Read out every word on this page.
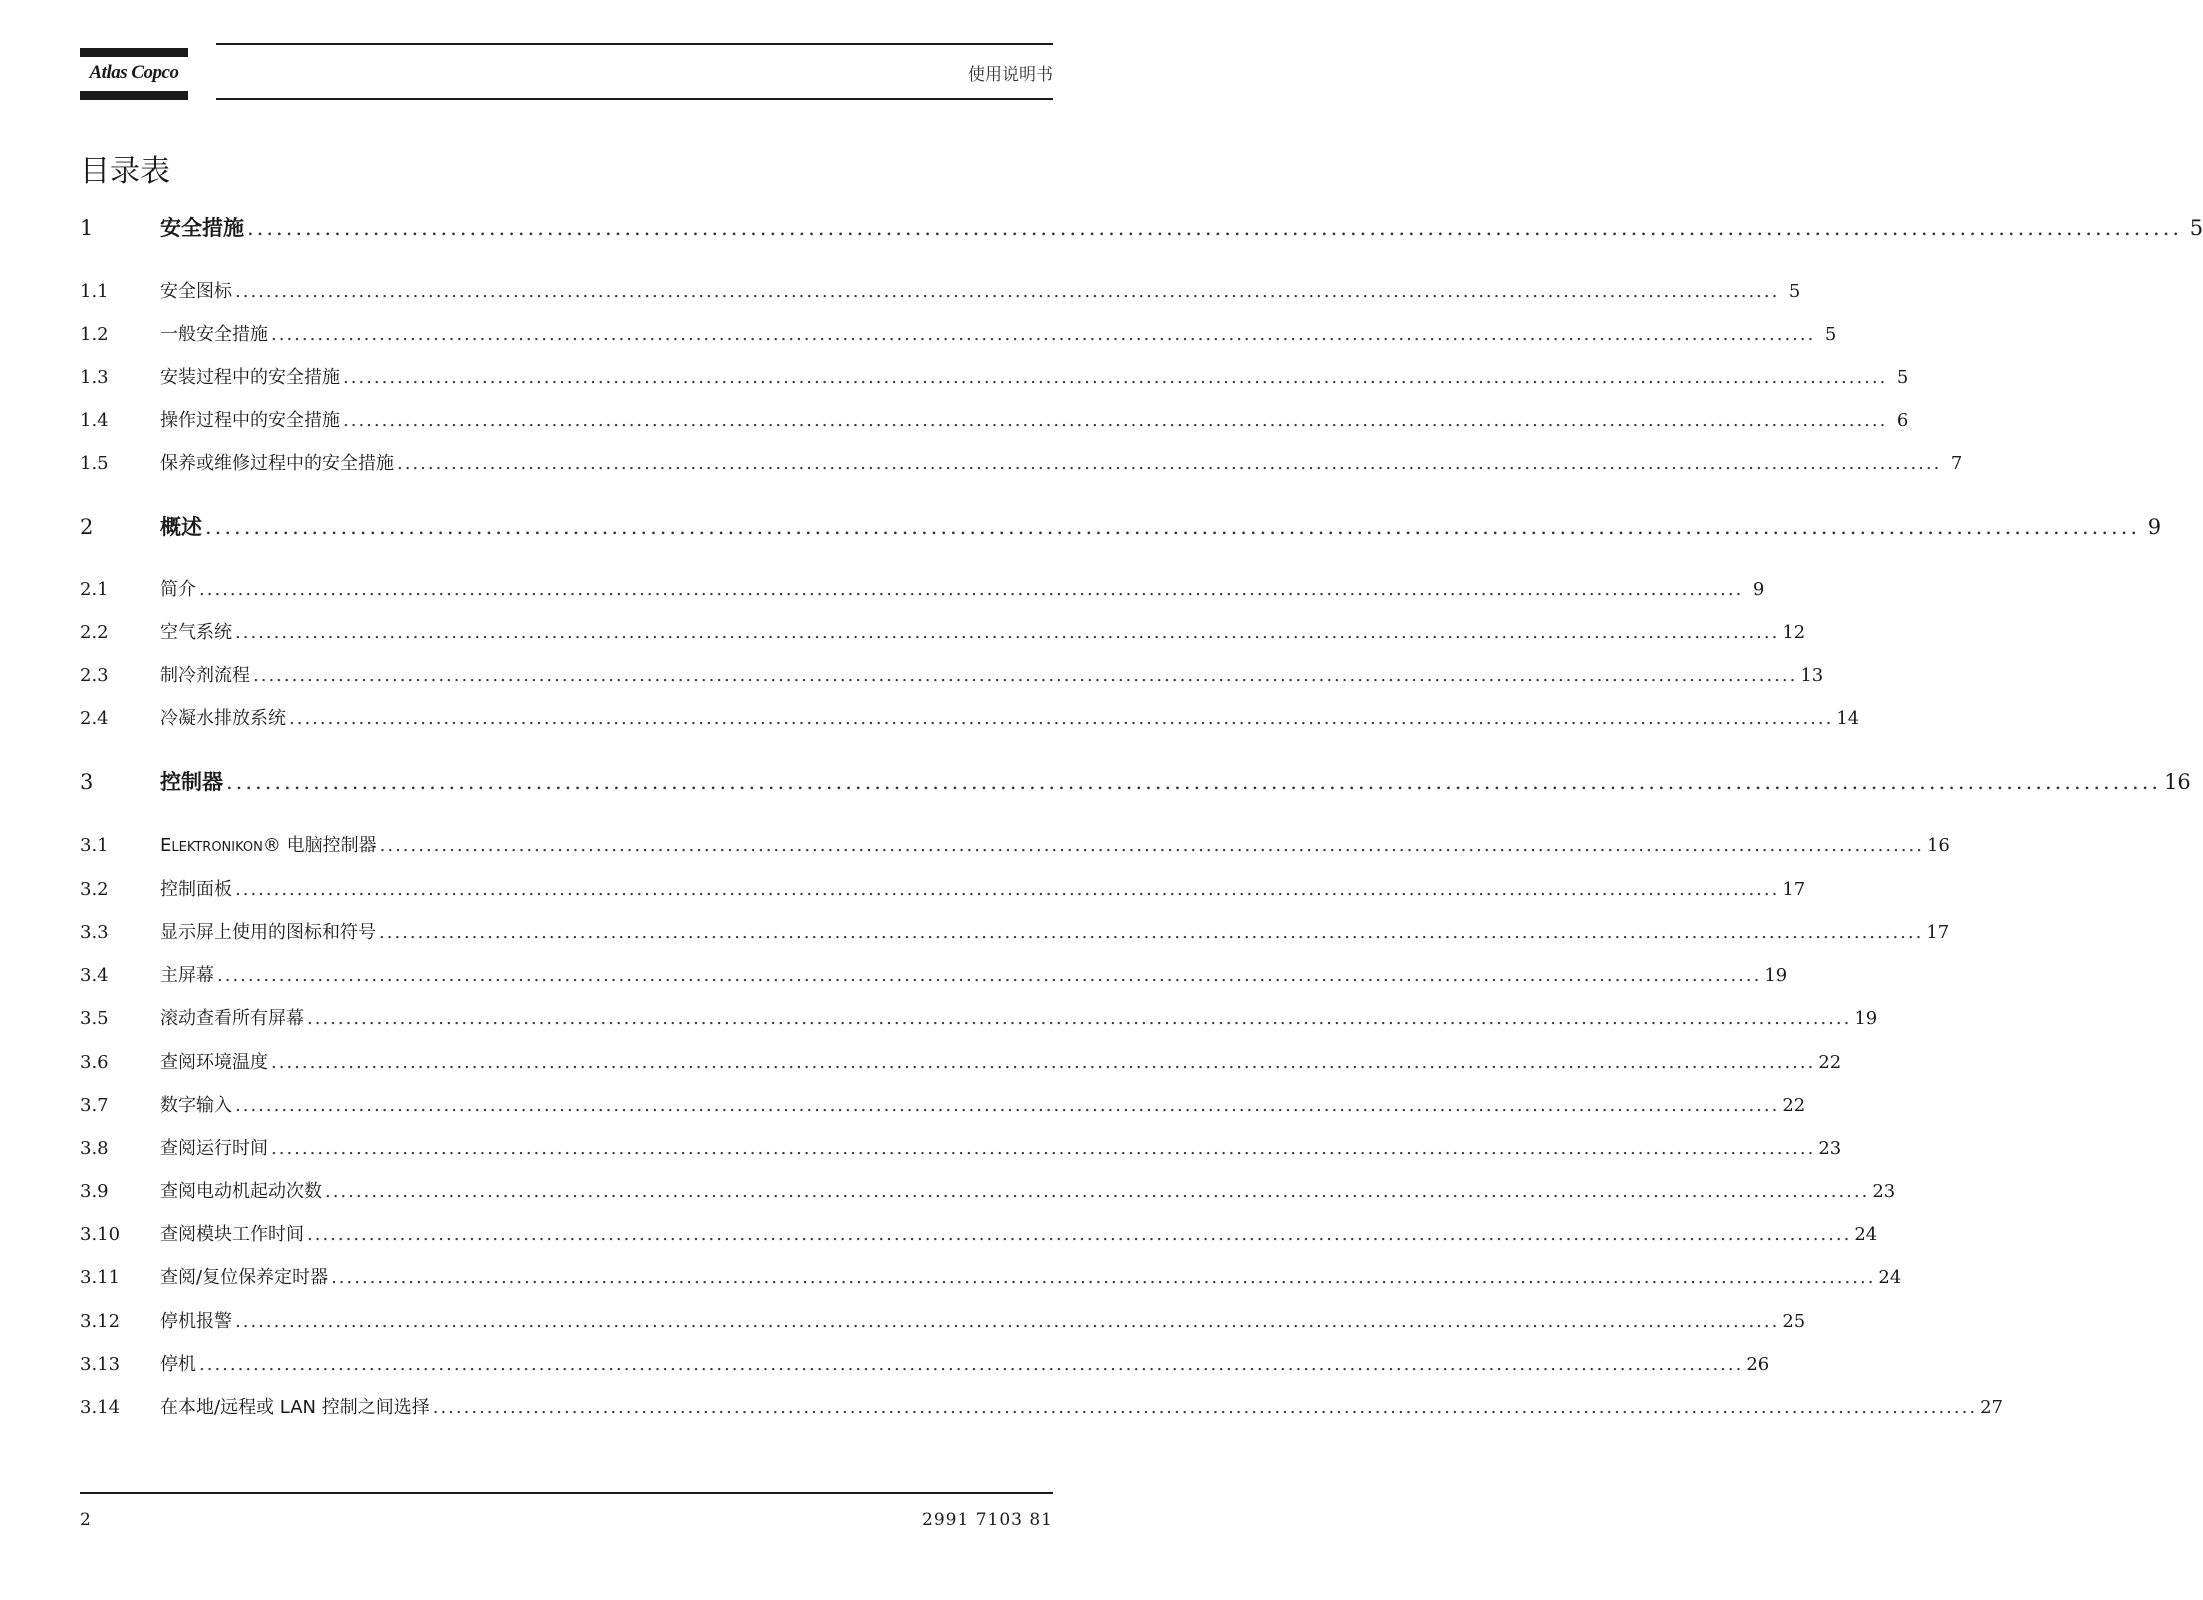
Atlas Copco	使用说明书
目录表
1	安全措施 ........................................................................................................................................................................................................ 5
1.1	安全图标 ........................................................................................................................................................................................................ 5
1.2	一般安全措施 ........................................................................................................................................................................................................ 5
1.3	安装过程中的安全措施 ........................................................................................................................................................................................................ 5
1.4	操作过程中的安全措施 ........................................................................................................................................................................................................ 6
1.5	保养或维修过程中的安全措施 ........................................................................................................................................................................................................ 7
2	概述 ........................................................................................................................................................................................................ 9
2.1	简介 ........................................................................................................................................................................................................ 9
2.2	空气系统 ........................................................................................................................................................................................................ 12
2.3	制冷剂流程 ........................................................................................................................................................................................................ 13
2.4	冷凝水排放系统 ........................................................................................................................................................................................................ 14
3	控制器 ........................................................................................................................................................................................................ 16
3.1	Elektronikon® 电脑控制器 ........................................................................................................................................................................................................ 16
3.2	控制面板 ........................................................................................................................................................................................................ 17
3.3	显示屏上使用的图标和符号 ........................................................................................................................................................................................................ 17
3.4	主屏幕 ........................................................................................................................................................................................................ 19
3.5	滚动查看所有屏幕 ........................................................................................................................................................................................................ 19
3.6	查阅环境温度 ........................................................................................................................................................................................................ 22
3.7	数字输入 ........................................................................................................................................................................................................ 22
3.8	查阅运行时间 ........................................................................................................................................................................................................ 23
3.9	查阅电动机起动次数 ........................................................................................................................................................................................................ 23
3.10	查阅模块工作时间 ........................................................................................................................................................................................................ 24
3.11	查阅/复位保养定时器 ........................................................................................................................................................................................................ 24
3.12	停机报警 ........................................................................................................................................................................................................ 25
3.13	停机 ........................................................................................................................................................................................................ 26
3.14	在本地/远程或 LAN 控制之间选择 ........................................................................................................................................................................................................ 27
2	2991 7103 81
